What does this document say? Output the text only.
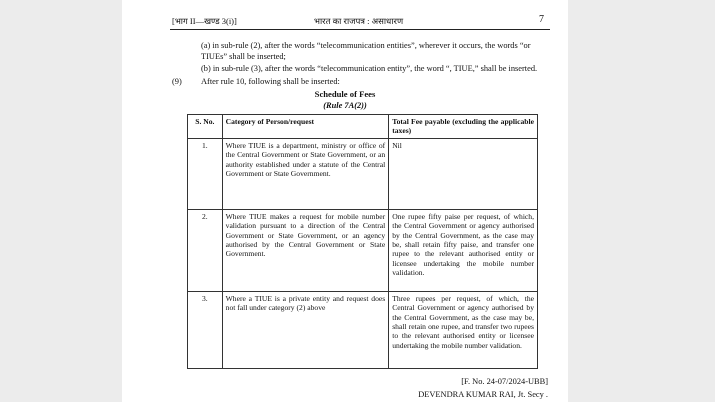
[भाग II—खण्ड 3(i)]	भारत का राजपत्र : असाधारण	7
(a) in sub-rule (2), after the words “telecommunication entities”, wherever it occurs, the words “or TIUEs” shall be inserted;
(b) in sub-rule (3), after the words “telecommunication entity”, the word “, TIUE,” shall be inserted.
(9) After rule 10, following shall be inserted:
Schedule of Fees
(Rule 7A(2))
S. No.	Category of Person/request	Total Fee payable (excluding the applicable taxes)
1.	Where TIUE is a department, ministry or office of the Central Government or State Government, or an authority established under a statute of the Central Government or State Government.	Nil
2.	Where TIUE makes a request for mobile number validation pursuant to a direction of the Central Government or State Government, or an agency authorised by the Central Government or State Government.	One rupee fifty paise per request, of which, the Central Government or agency authorised by the Central Government, as the case may be, shall retain fifty paise, and transfer one rupee to the relevant authorised entity or licensee undertaking the mobile number validation.
3.	Where a TIUE is a private entity and request does not fall under category (2) above	Three rupees per request, of which, the Central Government or agency authorised by the Central Government, as the case may be, shall retain one rupee, and transfer two rupees to the relevant authorised entity or licensee undertaking the mobile number validation.
[F. No. 24-07/2024-UBB]
DEVENDRA KUMAR RAI, Jt. Secy .
